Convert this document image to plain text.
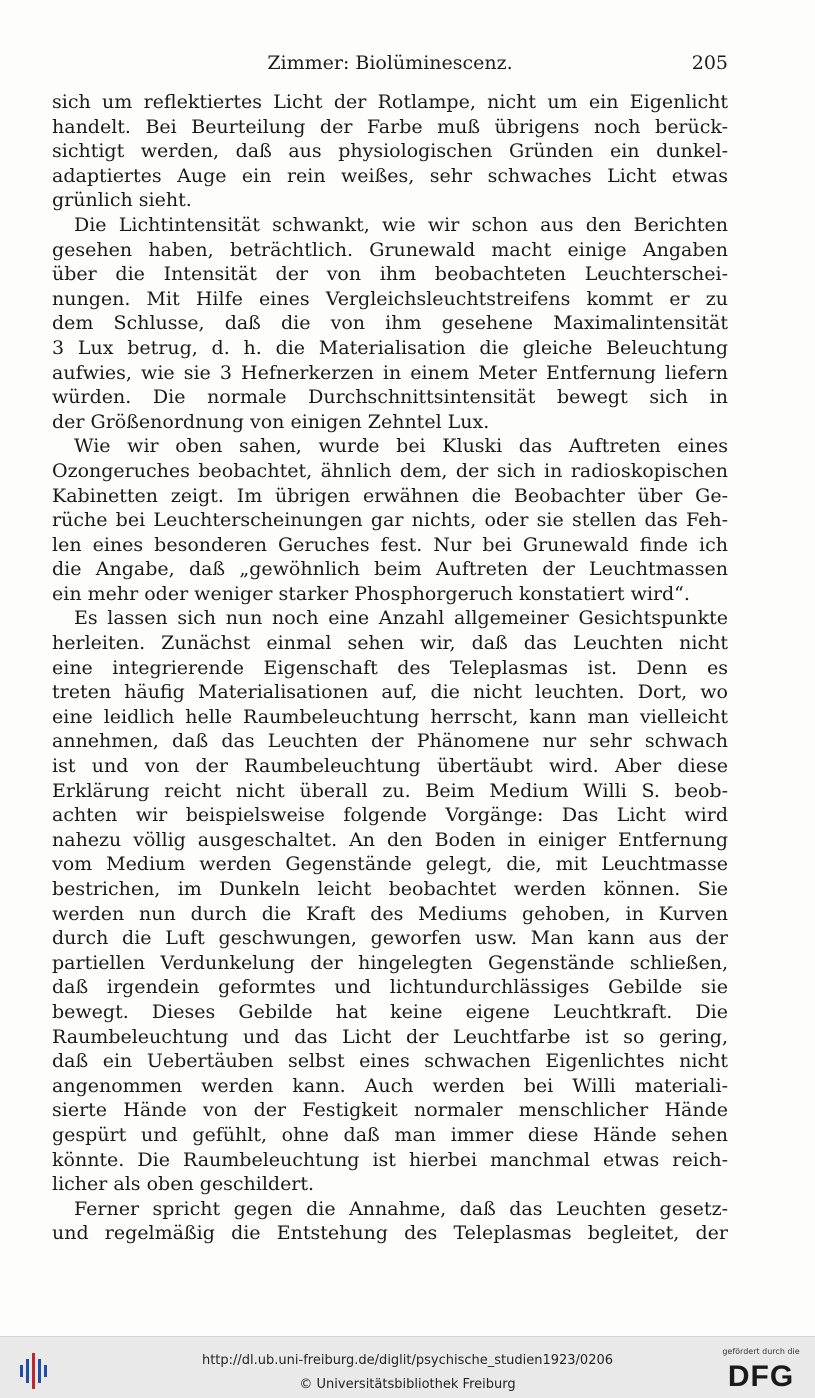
Zimmer: Biolüminescenz.	205
sich um reflektiertes Licht der Rotlampe, nicht um ein Eigenlicht
handelt. Bei Beurteilung der Farbe muß übrigens noch berück-
sichtigt werden, daß aus physiologischen Gründen ein dunkel-
adaptiertes Auge ein rein weißes, sehr schwaches Licht etwas
grünlich sieht.
Die Lichtintensität schwankt, wie wir schon aus den Berichten
gesehen haben, beträchtlich. Grunewald macht einige Angaben
über die Intensität der von ihm beobachteten Leuchterschei-
nungen. Mit Hilfe eines Vergleichsleuchtstreifens kommt er zu
dem Schlusse, daß die von ihm gesehene Maximalintensität
3 Lux betrug, d. h. die Materialisation die gleiche Beleuchtung
aufwies, wie sie 3 Hefnerkerzen in einem Meter Entfernung liefern
würden. Die normale Durchschnittsintensität bewegt sich in
der Größenordnung von einigen Zehntel Lux.
Wie wir oben sahen, wurde bei Kluski das Auftreten eines
Ozongeruches beobachtet, ähnlich dem, der sich in radioskopischen
Kabinetten zeigt. Im übrigen erwähnen die Beobachter über Ge-
rüche bei Leuchterscheinungen gar nichts, oder sie stellen das Feh-
len eines besonderen Geruches fest. Nur bei Grunewald finde ich
die Angabe, daß „gewöhnlich beim Auftreten der Leuchtmassen
ein mehr oder weniger starker Phosphorgeruch konstatiert wird“.
Es lassen sich nun noch eine Anzahl allgemeiner Gesichtspunkte
herleiten. Zunächst einmal sehen wir, daß das Leuchten nicht
eine integrierende Eigenschaft des Teleplasmas ist. Denn es
treten häufig Materialisationen auf, die nicht leuchten. Dort, wo
eine leidlich helle Raumbeleuchtung herrscht, kann man vielleicht
annehmen, daß das Leuchten der Phänomene nur sehr schwach
ist und von der Raumbeleuchtung übertäubt wird. Aber diese
Erklärung reicht nicht überall zu. Beim Medium Willi S. beob-
achten wir beispielsweise folgende Vorgänge: Das Licht wird
nahezu völlig ausgeschaltet. An den Boden in einiger Entfernung
vom Medium werden Gegenstände gelegt, die, mit Leuchtmasse
bestrichen, im Dunkeln leicht beobachtet werden können. Sie
werden nun durch die Kraft des Mediums gehoben, in Kurven
durch die Luft geschwungen, geworfen usw. Man kann aus der
partiellen Verdunkelung der hingelegten Gegenstände schließen,
daß irgendein geformtes und lichtundurchlässiges Gebilde sie
bewegt. Dieses Gebilde hat keine eigene Leuchtkraft. Die
Raumbeleuchtung und das Licht der Leuchtfarbe ist so gering,
daß ein Uebertäuben selbst eines schwachen Eigenlichtes nicht
angenommen werden kann. Auch werden bei Willi materiali-
sierte Hände von der Festigkeit normaler menschlicher Hände
gespürt und gefühlt, ohne daß man immer diese Hände sehen
könnte. Die Raumbeleuchtung ist hierbei manchmal etwas reich-
licher als oben geschildert.
Ferner spricht gegen die Annahme, daß das Leuchten gesetz-
und regelmäßig die Entstehung des Teleplasmas begleitet, der
http://dl.ub.uni-freiburg.de/diglit/psychische_studien1923/0206
© Universitätsbibliothek Freiburg
gefördert durch die
DFG
